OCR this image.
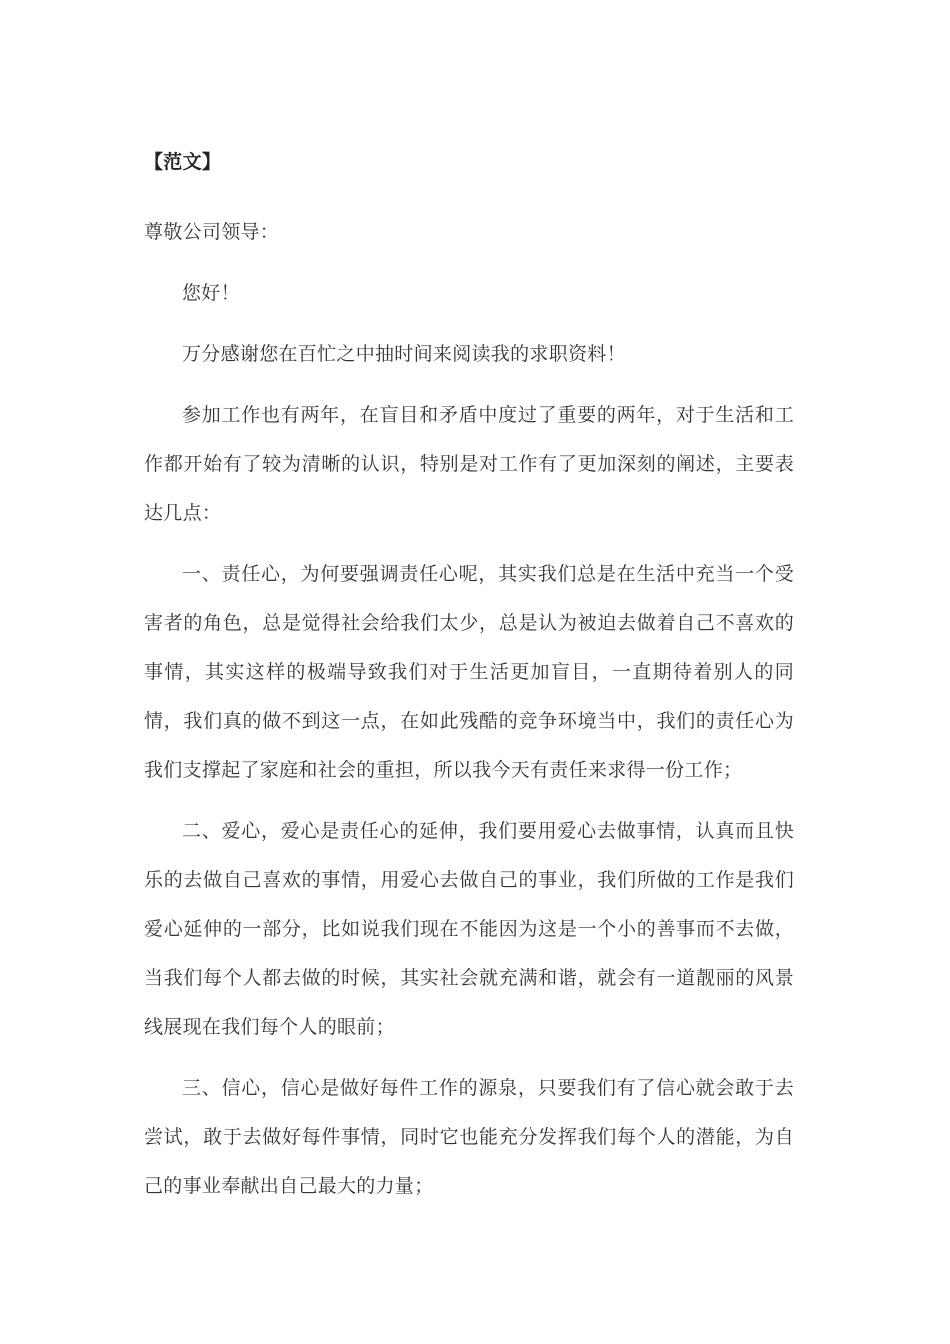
【范文】
尊敬公司领导：
您好！
万分感谢您在百忙之中抽时间来阅读我的求职资料！
参加工作也有两年，在盲目和矛盾中度过了重要的两年，对于生活和工作都开始有了较为清晰的认识，特别是对工作有了更加深刻的阐述，主要表达几点：
一、责任心，为何要强调责任心呢，其实我们总是在生活中充当一个受害者的角色，总是觉得社会给我们太少，总是认为被迫去做着自己不喜欢的事情，其实这样的极端导致我们对于生活更加盲目，一直期待着别人的同情，我们真的做不到这一点，在如此残酷的竞争环境当中，我们的责任心为我们支撑起了家庭和社会的重担，所以我今天有责任来求得一份工作；
二、爱心，爱心是责任心的延伸，我们要用爱心去做事情，认真而且快乐的去做自己喜欢的事情，用爱心去做自己的事业，我们所做的工作是我们爱心延伸的一部分，比如说我们现在不能因为这是一个小的善事而不去做，当我们每个人都去做的时候，其实社会就充满和谐，就会有一道靓丽的风景线展现在我们每个人的眼前；
三、信心，信心是做好每件工作的源泉，只要我们有了信心就会敢于去尝试，敢于去做好每件事情，同时它也能充分发挥我们每个人的潜能，为自己的事业奉献出自己最大的力量；
